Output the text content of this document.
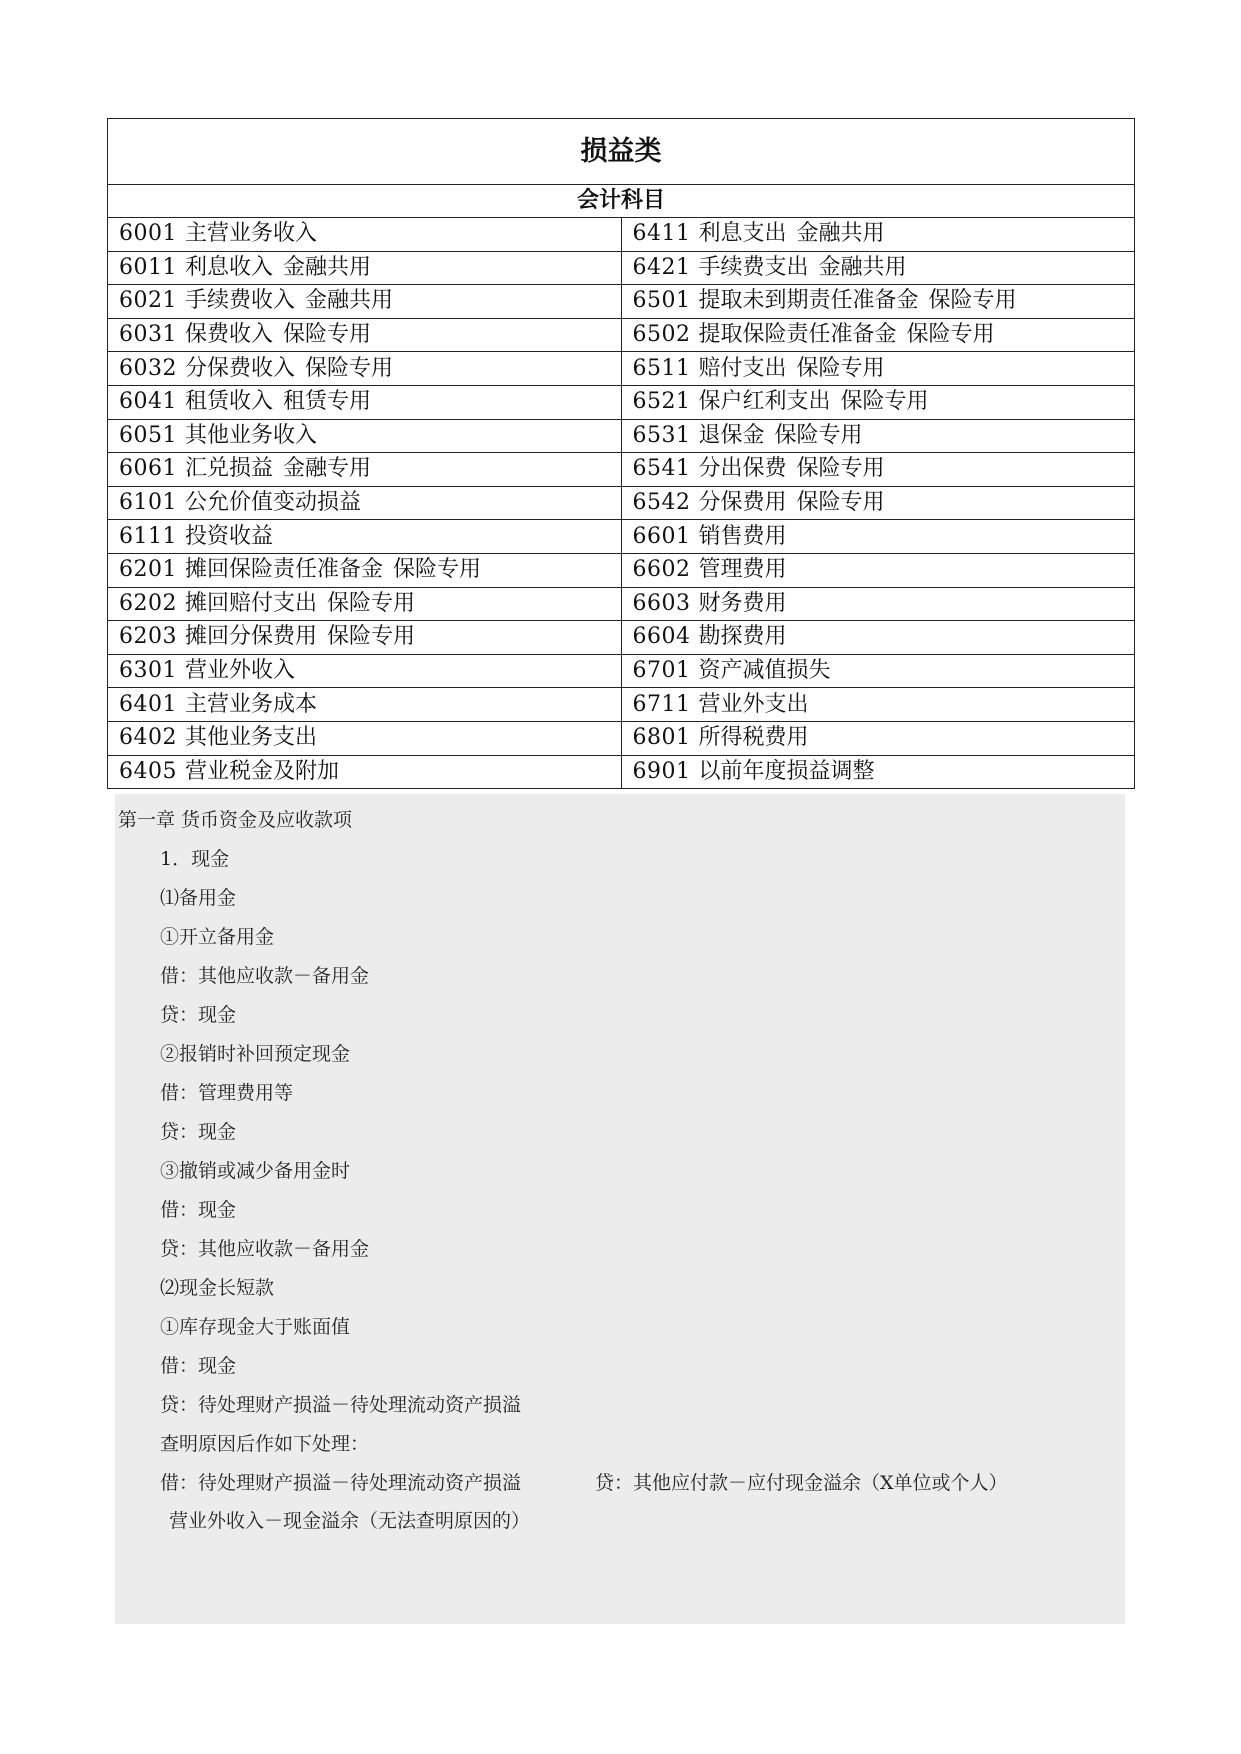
损益类	
会计科目	
6001 主营业务收入	6411 利息支出 金融共用
6011 利息收入 金融共用	6421 手续费支出 金融共用
6021 手续费收入 金融共用	6501 提取未到期责任准备金 保险专用
6031 保费收入 保险专用	6502 提取保险责任准备金 保险专用
6032 分保费收入 保险专用	6511 赔付支出 保险专用
6041 租赁收入 租赁专用	6521 保户红利支出 保险专用
6051 其他业务收入	6531 退保金 保险专用
6061 汇兑损益 金融专用	6541 分出保费 保险专用
6101 公允价值变动损益	6542 分保费用 保险专用
6111 投资收益	6601 销售费用
6201 摊回保险责任准备金 保险专用	6602 管理费用
6202 摊回赔付支出 保险专用	6603 财务费用
6203 摊回分保费用 保险专用	6604 勘探费用
6301 营业外收入	6701 资产减值损失
6401 主营业务成本	6711 营业外支出
6402 其他业务支出	6801 所得税费用
6405 营业税金及附加	6901 以前年度损益调整
第一章 货币资金及应收款项
1．现金
⑴备用金
①开立备用金
借：其他应收款－备用金
贷：现金
②报销时补回预定现金
借：管理费用等
贷：现金
③撤销或减少备用金时
借：现金
贷：其他应收款－备用金
⑵现金长短款
①库存现金大于账面值
借：现金
贷：待处理财产损溢－待处理流动资产损溢
查明原因后作如下处理：
借：待处理财产损溢－待处理流动资产损溢	贷：其他应付款－应付现金溢余（X单位或个人）
营业外收入－现金溢余（无法查明原因的）
